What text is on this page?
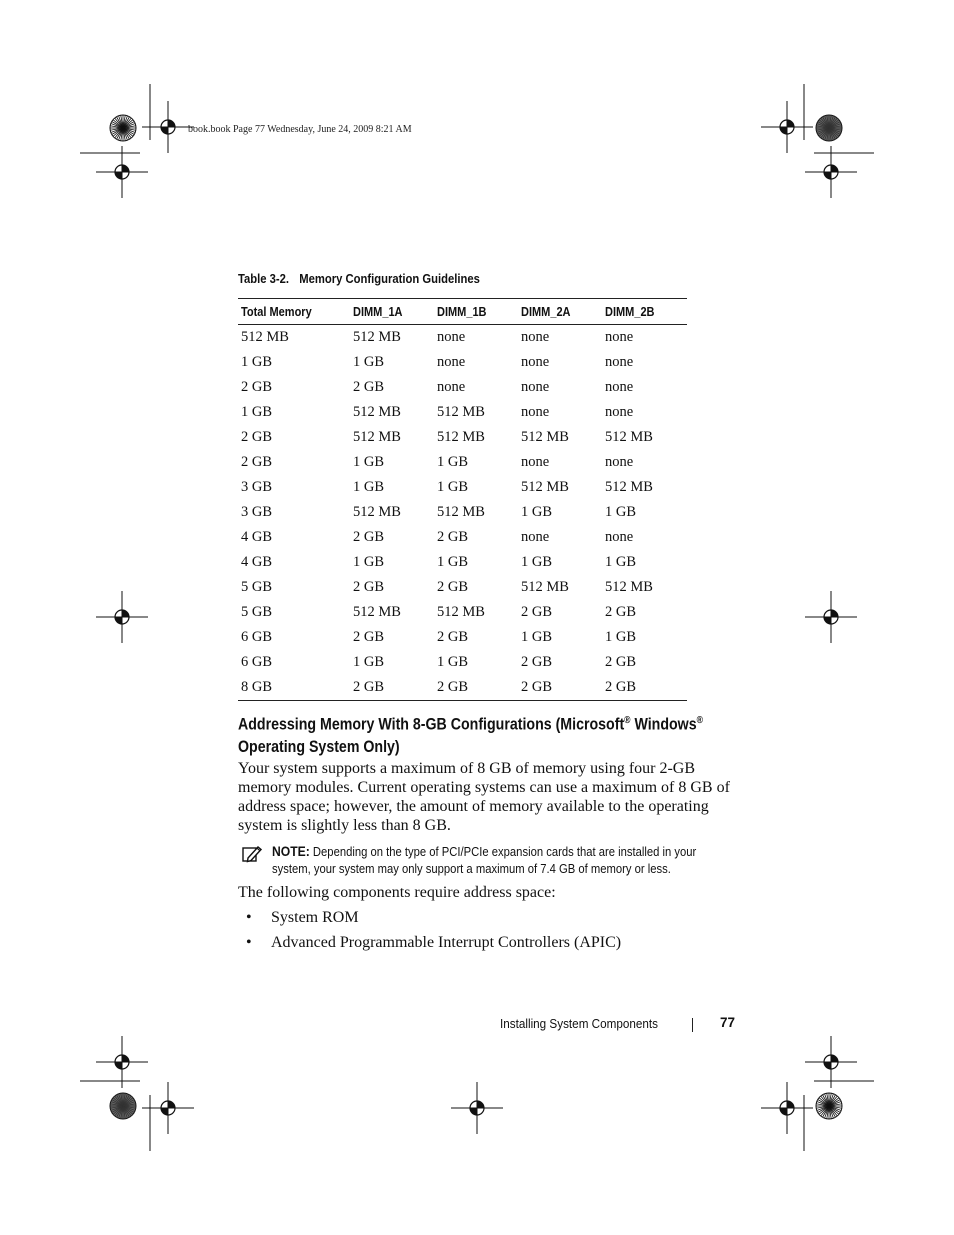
book.book Page 77 Wednesday, June 24, 2009 8:21 AM
Table 3-2. Memory Configuration Guidelines
Total Memory	DIMM_1A	DIMM_1B	DIMM_2A	DIMM_2B
512 MB	512 MB	none	none	none
1 GB	1 GB	none	none	none
2 GB	2 GB	none	none	none
1 GB	512 MB	512 MB	none	none
2 GB	512 MB	512 MB	512 MB	512 MB
2 GB	1 GB	1 GB	none	none
3 GB	1 GB	1 GB	512 MB	512 MB
3 GB	512 MB	512 MB	1 GB	1 GB
4 GB	2 GB	2 GB	none	none
4 GB	1 GB	1 GB	1 GB	1 GB
5 GB	2 GB	2 GB	512 MB	512 MB
5 GB	512 MB	512 MB	2 GB	2 GB
6 GB	2 GB	2 GB	1 GB	1 GB
6 GB	1 GB	1 GB	2 GB	2 GB
8 GB	2 GB	2 GB	2 GB	2 GB
Addressing Memory With 8-GB Configurations (Microsoft® Windows®
Operating System Only)
Your system supports a maximum of 8 GB of memory using four 2-GB memory modules. Current operating systems can use a maximum of 8 GB of address space; however, the amount of memory available to the operating system is slightly less than 8 GB.
NOTE: Depending on the type of PCI/PCIe expansion cards that are installed in your system, your system may only support a maximum of 7.4 GB of memory or less.
The following components require address space:
• System ROM
• Advanced Programmable Interrupt Controllers (APIC)
Installing System Components	77
